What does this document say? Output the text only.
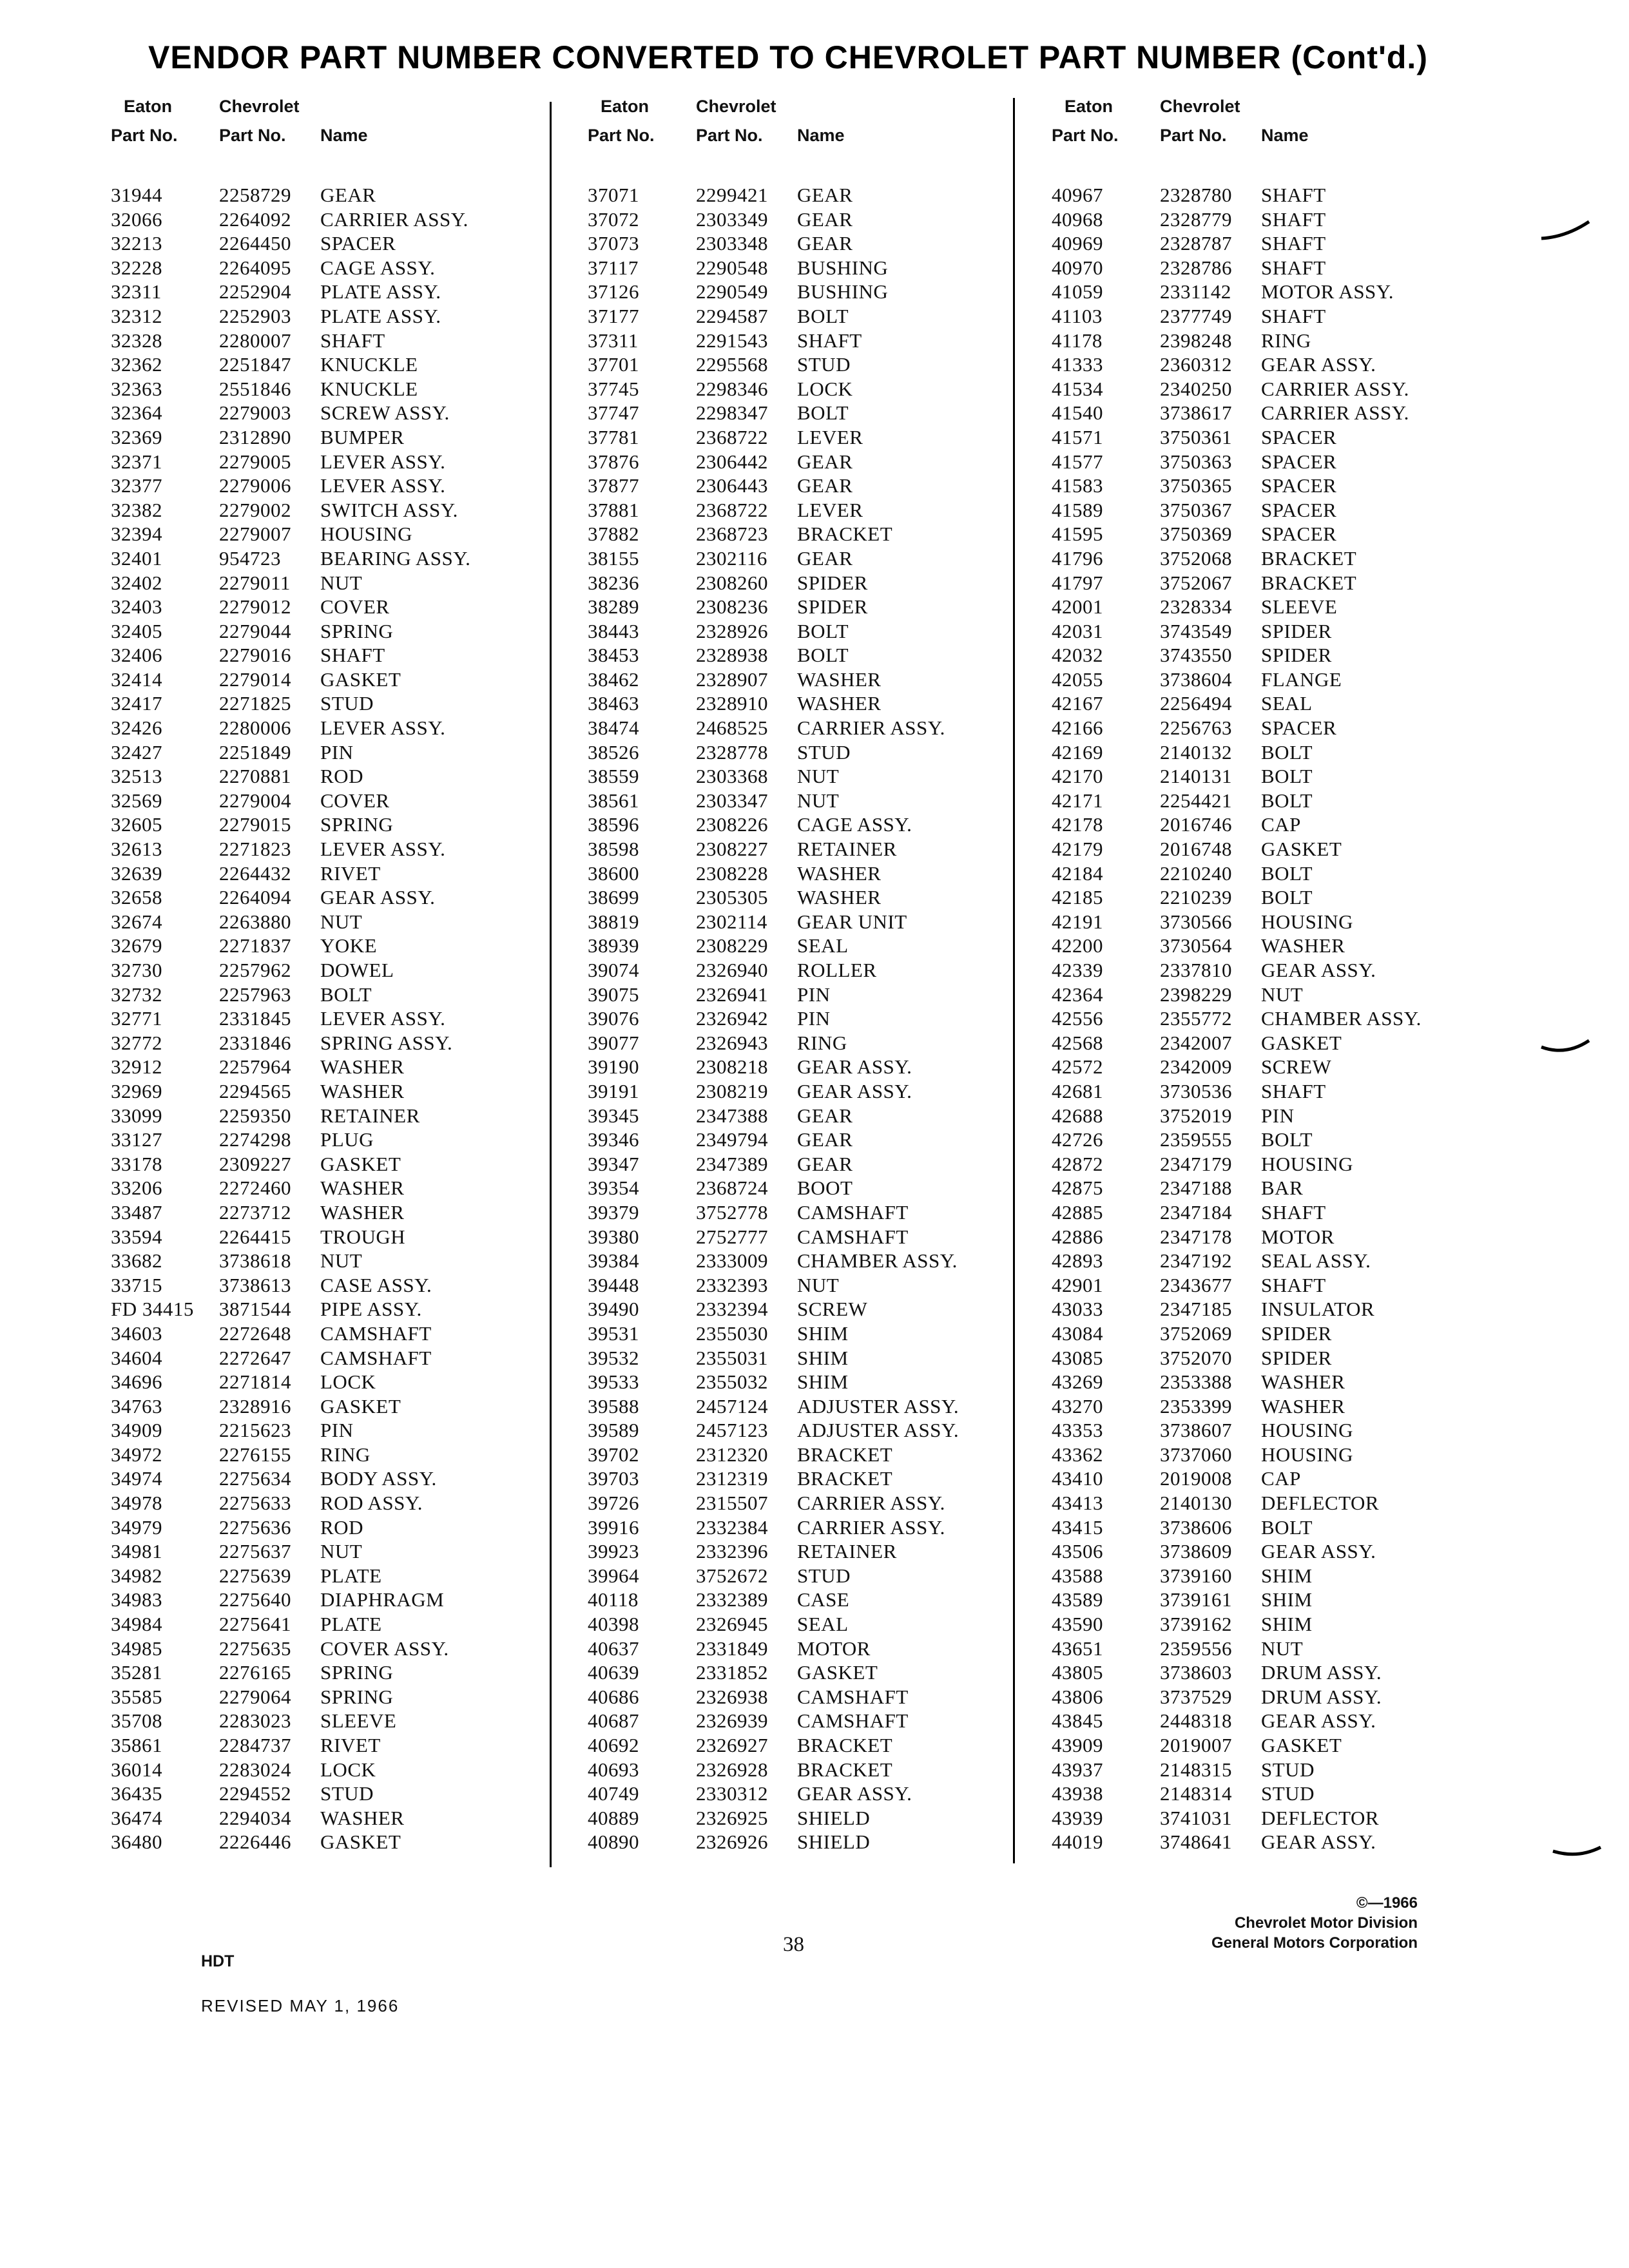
VENDOR PART NUMBER CONVERTED TO CHEVROLET PART NUMBER (Cont'd.)
Eaton
Part No.
Chevrolet
Part No. Name
31944	2258729 GEAR
32066	2264092 CARRIER ASSY.
32213	2264450 SPACER
32228	2264095 CAGE ASSY.
32311	2252904 PLATE ASSY.
32312	2252903 PLATE ASSY.
32328	2280007 SHAFT
32362	2251847 KNUCKLE
32363	2551846 KNUCKLE
32364	2279003 SCREW ASSY.
32369	2312890 BUMPER
32371	2279005 LEVER ASSY.
32377	2279006 LEVER ASSY.
32382	2279002 SWITCH ASSY.
32394	2279007 HOUSING
32401	954723 BEARING ASSY.
32402	2279011 NUT
32403	2279012 COVER
32405	2279044 SPRING
32406	2279016 SHAFT
32414	2279014 GASKET
32417	2271825 STUD
32426	2280006 LEVER ASSY.
32427	2251849 PIN
32513	2270881 ROD
32569	2279004 COVER
32605	2279015 SPRING
32613	2271823 LEVER ASSY.
32639	2264432 RIVET
32658	2264094 GEAR ASSY.
32674	2263880 NUT
32679	2271837 YOKE
32730	2257962 DOWEL
32732	2257963 BOLT
32771	2331845 LEVER ASSY.
32772	2331846 SPRING ASSY.
32912	2257964 WASHER
32969	2294565 WASHER
33099	2259350 RETAINER
33127	2274298 PLUG
33178	2309227 GASKET
33206	2272460 WASHER
33487	2273712 WASHER
33594	2264415 TROUGH
33682	3738618 NUT
33715	3738613 CASE ASSY.
FD 34415 3871544 PIPE ASSY.
34603	2272648 CAMSHAFT
34604	2272647 CAMSHAFT
34696	2271814 LOCK
34763	2328916 GASKET
34909	2215623 PIN
34972	2276155 RING
34974	2275634 BODY ASSY.
34978	2275633 ROD ASSY.
34979	2275636 ROD
34981	2275637 NUT
34982	2275639 PLATE
34983	2275640 DIAPHRAGM
34984	2275641 PLATE
34985	2275635 COVER ASSY.
35281	2276165 SPRING
35585	2279064 SPRING
35708	2283023 SLEEVE
35861	2284737 RIVET
36014	2283024 LOCK
36435	2294552 STUD
36474	2294034 WASHER
36480	2226446 GASKET
Eaton
Part No.
Chevrolet
Part No. Name
37071	2299421 GEAR
37072	2303349 GEAR
37073	2303348 GEAR
37117	2290548 BUSHING
37126	2290549 BUSHING
37177	2294587 BOLT
37311	2291543 SHAFT
37701	2295568 STUD
37745	2298346 LOCK
37747	2298347 BOLT
37781	2368722 LEVER
37876	2306442 GEAR
37877	2306443 GEAR
37881	2368722 LEVER
37882	2368723 BRACKET
38155	2302116 GEAR
38236	2308260 SPIDER
38289	2308236 SPIDER
38443	2328926 BOLT
38453	2328938 BOLT
38462	2328907 WASHER
38463	2328910 WASHER
38474	2468525 CARRIER ASSY.
38526	2328778 STUD
38559	2303368 NUT
38561	2303347 NUT
38596	2308226 CAGE ASSY.
38598	2308227 RETAINER
38600	2308228 WASHER
38699	2305305 WASHER
38819	2302114 GEAR UNIT
38939	2308229 SEAL
39074	2326940 ROLLER
39075	2326941 PIN
39076	2326942 PIN
39077	2326943 RING
39190	2308218 GEAR ASSY.
39191	2308219 GEAR ASSY.
39345	2347388 GEAR
39346	2349794 GEAR
39347	2347389 GEAR
39354	2368724 BOOT
39379	3752778 CAMSHAFT
39380	2752777 CAMSHAFT
39384	2333009 CHAMBER ASSY.
39448	2332393 NUT
39490	2332394 SCREW
39531	2355030 SHIM
39532	2355031 SHIM
39533	2355032 SHIM
39588	2457124 ADJUSTER ASSY.
39589	2457123 ADJUSTER ASSY.
39702	2312320 BRACKET
39703	2312319 BRACKET
39726	2315507 CARRIER ASSY.
39916	2332384 CARRIER ASSY.
39923	2332396 RETAINER
39964	3752672 STUD
40118	2332389 CASE
40398	2326945 SEAL
40637	2331849 MOTOR
40639	2331852 GASKET
40686	2326938 CAMSHAFT
40687	2326939 CAMSHAFT
40692	2326927 BRACKET
40693	2326928 BRACKET
40749	2330312 GEAR ASSY.
40889	2326925 SHIELD
40890	2326926 SHIELD
Eaton
Part No.
Chevrolet
Part No. Name
40967	2328780 SHAFT
40968	2328779 SHAFT
40969	2328787 SHAFT
40970	2328786 SHAFT
41059	2331142 MOTOR ASSY.
41103	2377749 SHAFT
41178	2398248 RING
41333	2360312 GEAR ASSY.
41534	2340250 CARRIER ASSY.
41540	3738617 CARRIER ASSY.
41571	3750361 SPACER
41577	3750363 SPACER
41583	3750365 SPACER
41589	3750367 SPACER
41595	3750369 SPACER
41796	3752068 BRACKET
41797	3752067 BRACKET
42001	2328334 SLEEVE
42031	3743549 SPIDER
42032	3743550 SPIDER
42055	3738604 FLANGE
42167	2256494 SEAL
42166	2256763 SPACER
42169	2140132 BOLT
42170	2140131 BOLT
42171	2254421 BOLT
42178	2016746 CAP
42179	2016748 GASKET
42184	2210240 BOLT
42185	2210239 BOLT
42191	3730566 HOUSING
42200	3730564 WASHER
42339	2337810 GEAR ASSY.
42364	2398229 NUT
42556	2355772 CHAMBER ASSY.
42568	2342007 GASKET
42572	2342009 SCREW
42681	3730536 SHAFT
42688	3752019 PIN
42726	2359555 BOLT
42872	2347179 HOUSING
42875	2347188 BAR
42885	2347184 SHAFT
42886	2347178 MOTOR
42893	2347192 SEAL ASSY.
42901	2343677 SHAFT
43033	2347185 INSULATOR
43084	3752069 SPIDER
43085	3752070 SPIDER
43269	2353388 WASHER
43270	2353399 WASHER
43353	3738607 HOUSING
43362	3737060 HOUSING
43410	2019008 CAP
43413	2140130 DEFLECTOR
43415	3738606 BOLT
43506	3738609 GEAR ASSY.
43588	3739160 SHIM
43589	3739161 SHIM
43590	3739162 SHIM
43651	2359556 NUT
43805	3738603 DRUM ASSY.
43806	3737529 DRUM ASSY.
43845	2448318 GEAR ASSY.
43909	2019007 GASKET
43937	2148315 STUD
43938	2148314 STUD
43939	3741031 DEFLECTOR
44019	3748641 GEAR ASSY.
HDT
38
REVISED MAY 1, 1966
©—1966
Chevrolet Motor Division
General Motors Corporation
